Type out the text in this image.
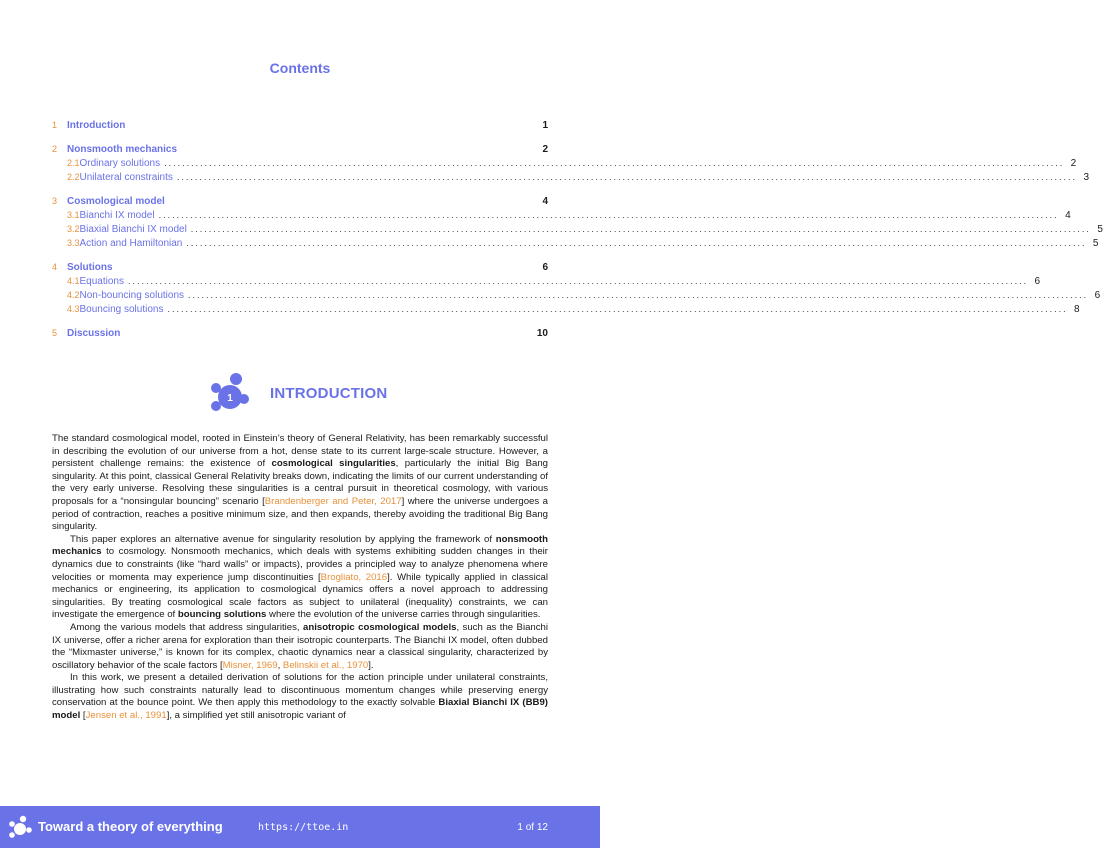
Contents
1 Introduction	1
2 Nonsmooth mechanics	2
2.1 Ordinary solutions ........................................................................................................................................................................................................ 2
2.2 Unilateral constraints ........................................................................................................................................................................................................ 3
3 Cosmological model	4
3.1 Bianchi IX model ........................................................................................................................................................................................................ 4
3.2 Biaxial Bianchi IX model ........................................................................................................................................................................................................ 5
3.3 Action and Hamiltonian ........................................................................................................................................................................................................ 5
4 Solutions	6
4.1 Equations ........................................................................................................................................................................................................ 6
4.2 Non-bouncing solutions ........................................................................................................................................................................................................ 6
4.3 Bouncing solutions ........................................................................................................................................................................................................ 8
5 Discussion	10
1 INTRODUCTION

The standard cosmological model, rooted in Einstein’s theory of General Relativity, has been remarkably successful in describing the evolution of our universe from a hot, dense state to its current large-scale structure. However, a persistent challenge remains: the existence of cosmological singularities, particularly the initial Big Bang singularity. At this point, classical General Relativity breaks down, indicating the limits of our current understanding of the very early universe. Resolving these singularities is a central pursuit in theoretical cosmology, with various proposals for a “nonsingular bouncing” scenario [Brandenberger and Peter, 2017] where the universe undergoes a period of contraction, reaches a positive minimum size, and then expands, thereby avoiding the traditional Big Bang singularity.

This paper explores an alternative avenue for singularity resolution by applying the framework of nonsmooth mechanics to cosmology. Nonsmooth mechanics, which deals with systems exhibiting sudden changes in their dynamics due to constraints (like “hard walls” or impacts), provides a principled way to analyze phenomena where velocities or momenta may experience jump discontinuities [Brogliato, 2016]. While typically applied in classical mechanics or engineering, its application to cosmological dynamics offers a novel approach to addressing singularities. By treating cosmological scale factors as subject to unilateral (inequality) constraints, we can investigate the emergence of bouncing solutions where the evolution of the universe carries through singularities.

Among the various models that address singularities, anisotropic cosmological models, such as the Bianchi IX universe, offer a richer arena for exploration than their isotropic counterparts. The Bianchi IX model, often dubbed the “Mixmaster universe,” is known for its complex, chaotic dynamics near a classical singularity, characterized by oscillatory behavior of the scale factors [Misner, 1969, Belinskii et al., 1970].

In this work, we present a detailed derivation of solutions for the action principle under unilateral constraints, illustrating how such constraints naturally lead to discontinuous momentum changes while preserving energy conservation at the bounce point. We then apply this methodology to the exactly solvable Biaxial Bianchi IX (BB9) model [Jensen et al., 1991], a simplified yet still anisotropic variant of

Toward a theory of everything	https://ttoe.in	1 of 12
